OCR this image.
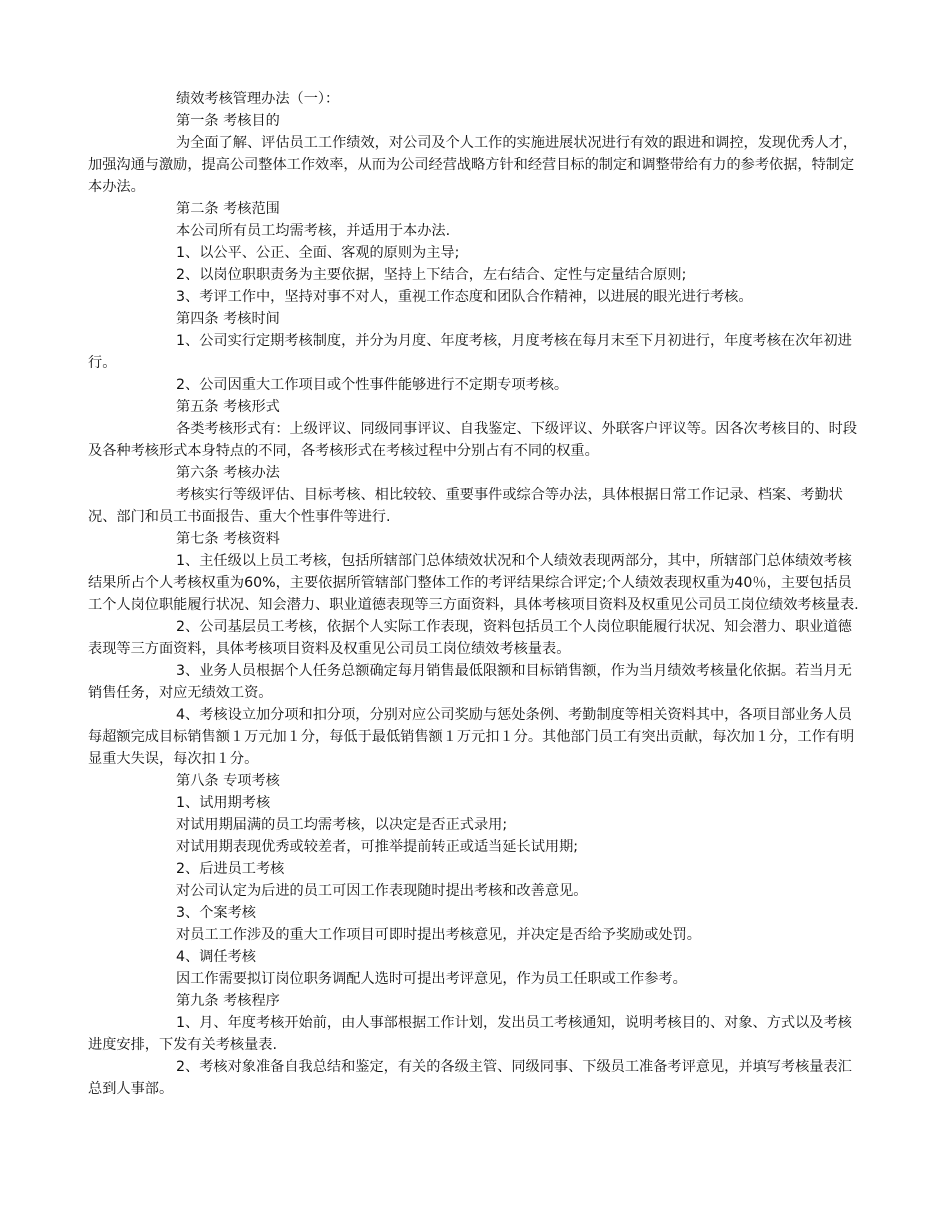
绩效考核管理办法（一）：

第一条 考核目的

为全面了解、评估员工工作绩效，对公司及个人工作的实施进展状况进行有效的跟进和调控，发现优秀人才，加强沟通与激励，提高公司整体工作效率，从而为公司经营战略方针和经营目标的制定和调整带给有力的参考依据，特制定本办法。

第二条 考核范围

本公司所有员工均需考核，并适用于本办法.

1、以公平、公正、全面、客观的原则为主导;

2、以岗位职职责务为主要依据，坚持上下结合，左右结合、定性与定量结合原则;

3、考评工作中，坚持对事不对人，重视工作态度和团队合作精神，以进展的眼光进行考核。

第四条 考核时间

1、公司实行定期考核制度，并分为月度、年度考核，月度考核在每月末至下月初进行，年度考核在次年初进行。

2、公司因重大工作项目或个性事件能够进行不定期专项考核。

第五条 考核形式

各类考核形式有：上级评议、同级同事评议、自我鉴定、下级评议、外联客户评议等。因各次考核目的、时段及各种考核形式本身特点的不同，各考核形式在考核过程中分别占有不同的权重。

第六条 考核办法

考核实行等级评估、目标考核、相比较较、重要事件或综合等办法，具体根据日常工作记录、档案、考勤状况、部门和员工书面报告、重大个性事件等进行.

第七条 考核资料

1、主任级以上员工考核，包括所辖部门总体绩效状况和个人绩效表现两部分，其中，所辖部门总体绩效考核结果所占个人考核权重为60%，主要依据所管辖部门整体工作的考评结果综合评定;个人绩效表现权重为40％，主要包括员工个人岗位职能履行状况、知会潜力、职业道德表现等三方面资料，具体考核项目资料及权重见公司员工岗位绩效考核量表.

2、公司基层员工考核，依据个人实际工作表现，资料包括员工个人岗位职能履行状况、知会潜力、职业道德表现等三方面资料，具体考核项目资料及权重见公司员工岗位绩效考核量表。

3、业务人员根据个人任务总额确定每月销售最低限额和目标销售额，作为当月绩效考核量化依据。若当月无销售任务，对应无绩效工资。

4、考核设立加分项和扣分项，分别对应公司奖励与惩处条例、考勤制度等相关资料其中，各项目部业务人员每超额完成目标销售额１万元加１分，每低于最低销售额１万元扣１分。其他部门员工有突出贡献，每次加１分，工作有明显重大失误，每次扣１分。

第八条 专项考核

1、试用期考核

对试用期届满的员工均需考核，以决定是否正式录用;

对试用期表现优秀或较差者，可推举提前转正或适当延长试用期;

2、后进员工考核

对公司认定为后进的员工可因工作表现随时提出考核和改善意见。

3、个案考核

对员工工作涉及的重大工作项目可即时提出考核意见，并决定是否给予奖励或处罚。

4、调任考核

因工作需要拟订岗位职务调配人选时可提出考评意见，作为员工任职或工作参考。

第九条 考核程序

1、月、年度考核开始前，由人事部根据工作计划，发出员工考核通知，说明考核目的、对象、方式以及考核进度安排，下发有关考核量表.

2、考核对象准备自我总结和鉴定，有关的各级主管、同级同事、下级员工准备考评意见，并填写考核量表汇总到人事部。
